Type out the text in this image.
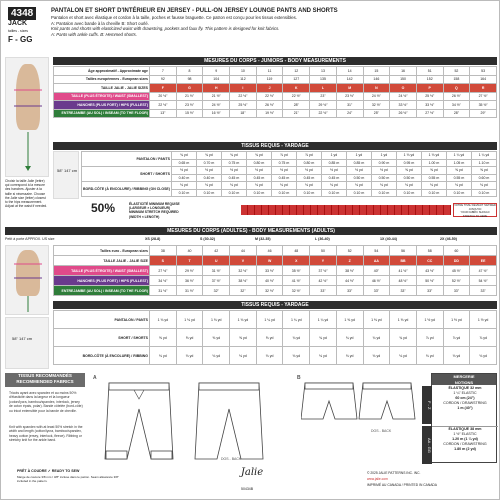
4348
JACK
tailles - sizes
F - GG
PANTALON ET SHORT D'INTÉRIEUR EN JERSEY - PULL-ON JERSEY LOUNGE PANTS AND SHORTS
Pantalon et short avec élastique et cordon à la taille, poches et fausse braguette. Ce patron est conçu pour les tissus extensibles.
A: Pantalon avec bande à la cheville B: Short ourlé.
Knit pants and shorts with elasticized waist with drawstring, pockets and faux fly. This pattern is designed for knit fabrics.
A: Pants with ankle cuffs. B: Hemmed shorts.
Choisir la taille Jalie (lettre) qui correspond à la mesure des hanches. Ajuster à la taille si nécessaire. Choose the Jalie size (letter) closest to the hips measurement. Adjust at the waist if needed.
MESURES DU CORPS - JUNIORS - BODY MEASUREMENTS
Âge approximatif - Approximate age	7	8	9	10	11	12	13	14	15	16	51	52	53
Tailles européennes - European sizes	92	98	104	112	119	127	135	142	146	150	152	158	164
TAILLE JALIE - JALIE SIZES	F	G	H	I	J	K	L	M	N	O	P	Q	R
TAILLE (PLUS ÉTROITE) / WAIST (SMALLEST)	20 ½"	21 ½"	21 ½"	22 ½"	22 ½"	22 ½"	23"	23 ½"	24 ½"	24 ½"	25 ½"	26 ½"	27 ½"
HANCHES (PLUS FORT) / HIPS (FULLEST)	22 ½"	23 ½"	24 ½"	25 ½"	26 ½"	28"	29 ½"	31"	32 ½"	33 ½"	33 ½"	34 ½"	35 ½"
ENTREJAMBE (AU SOL) / INSEAM (TO THE FLOOR)	13"	15 ½"	16 ½"	18"	19 ½"	21"	22 ½"	24"	25"	26 ½"	27 ½"	28"	29"
TISSUS REQUIS - YARDAGE
58" 147 cm
PANTALON / PANTS	¾ yd	¾ yd	¾ yd	¾ yd	⅞ yd	⅞ yd	1 yd	1 yd	1 yd	1 ⅛ yd	1 ⅛ yd	1 ¼ yd	1 ¼ yd
	0.65 m	0.70 m	0.75 m	0.80 m	0.75 m	0.80 m	0.85 m	0.85 m	0.90 m	0.95 m	1.00 m	1.05 m	1.10 m
SHORT / SHORTS	½ yd	½ yd	½ yd	½ yd	½ yd	½ yd	½ yd	½ yd	½ yd	⅝ yd	⅝ yd	⅝ yd	⅝ yd
	0.40 m	0.40 m	0.45 m	0.45 m	0.45 m	0.45 m	0.45 m	0.50 m	0.50 m	0.50 m	0.55 m	0.55 m	0.60 m
BORD-CÔTE (À ENCOLURE) / RIBBING (ON CLOSE)	⅛ yd	⅛ yd	⅛ yd	⅛ yd	⅛ yd	⅛ yd	⅛ yd	⅛ yd	⅛ yd	⅛ yd	⅛ yd	⅛ yd	⅛ yd
	0.10 m	0.10 m	0.10 m	0.10 m	0.10 m	0.10 m	0.10 m	0.10 m	0.10 m	0.10 m	0.10 m	0.10 m	0.10 m
50%	ÉLASTICITÉ MINIMUM REQUISE
(LARGEUR × LONGUEUR)
MINIMUM STRETCH REQUIRED
(WIDTH × LENGTH)
VOTRE TISSU DEVRAIT S'ÉTIRER JUSQU'ICI
YOUR FABRIC SHOULD STRETCH TO HERE
MESURES DU CORPS (ADULTES) - BODY MEASUREMENTS (ADULTS)
Petit à porte APPROX. US size	XS (28-8)	S (30-32)	M (32-35)	L (36-40)	1X (40-44)	2X (46-50)
Tailles euro - European sizes	38	40	42	44	46	48	50	52	54	56	58	60	
TAILLE JALIE - JALIE SIZE	S	T	U	V	W	X	Y	Z	AA	BB	CC	DD	EE
TAILLE (PLUS ÉTROITE) / WAIST (SMALLEST)	27 ½"	29 ½"	31 ½"	32 ½"	33 ½"	35 ½"	37 ½"	38 ½"	40"	41 ½"	43 ½"	45 ½"	47 ½"
HANCHES (PLUS FORT) / HIPS (FULLEST)	34 ½"	36 ½"	37 ½"	38 ½"	40 ½"	41 ½"	42 ½"	44 ½"	46 ½"	48 ½"	50 ½"	52 ½"	54 ½"
ENTREJAMBE (AU SOL) / INSEAM (TO THE FLOOR)	31 ½"	31 ½"	32"	32"	32 ½"	32 ½"	33"	33"	33"	33"	33"	33"	33"
TISSUS REQUIS - YARDAGE
58" 147 cm
PANTALON / PANTS	1 ⅛ yd	1 ⅛ yd	1 ⅛ yd	1 ⅛ yd	1 ¼ yd	1 ¼ yd	1 ¼ yd	1 ⅜ yd	1 ⅜ yd	1 ⅜ yd	1 ½ yd	1 ½ yd	1 ½ yd
SHORT / SHORTS	⅝ yd	⅝ yd	⅝ yd	⅝ yd	⅝ yd	¾ yd	¾ yd	¾ yd	¾ yd	¾ yd	⅞ yd	⅞ yd	⅞ yd
BORD-CÔTE (À ENCOLURE) / RIBBING	⅛ yd	⅛ yd	⅛ yd	⅛ yd	⅛ yd	⅛ yd	⅛ yd	⅛ yd	⅛ yd	⅛ yd	⅛ yd	⅛ yd	⅛ yd
TISSUS RECOMMANDÉS
RECOMMENDED FABRICS
Tricots ayant avec spandex et au moins 50% d'élasticité dans la largeur et la longueur (coton/lycra, bambou/spandex, interlock, jersey de coton épais, polar). Bande côtelée (bord-côte) ou tricot extensible pour la bande de cheville.
Knit with spandex with at least 50% stretch in the width and length (cotton/lycra, bamboo/spandex, heavy cotton jersey, interlock, fleece). Ribbing or stretchy knit for the ankle band.
A
DOS - BACK
B
DOS - BACK
MERCERIE
NOTIONS
F - Z
AA - GG
ÉLASTIQUE 32 mm
1 ¼" ELASTIC
60 cm (24")
CORDON / DRAWSTRING
1 m (40")
ÉLASTIQUE 38 mm
1 ½" ELASTIC
1.20 m (1 ¼ yd)
CORDON / DRAWSTRING
1.80 m (2 yd)
PRÊT À COUDRE ✓ READY TO SEW
Marge de couture 3/8 mm / 3/8" incluse dans le patron. Seam allowance 3/8" included in the pattern.
Jalie
50434B
© 2025 JALIE PATTERNS INC. INC.
www.jalie.com
IMPRIMÉ AU CANADA / PRINTED IN CANADA
